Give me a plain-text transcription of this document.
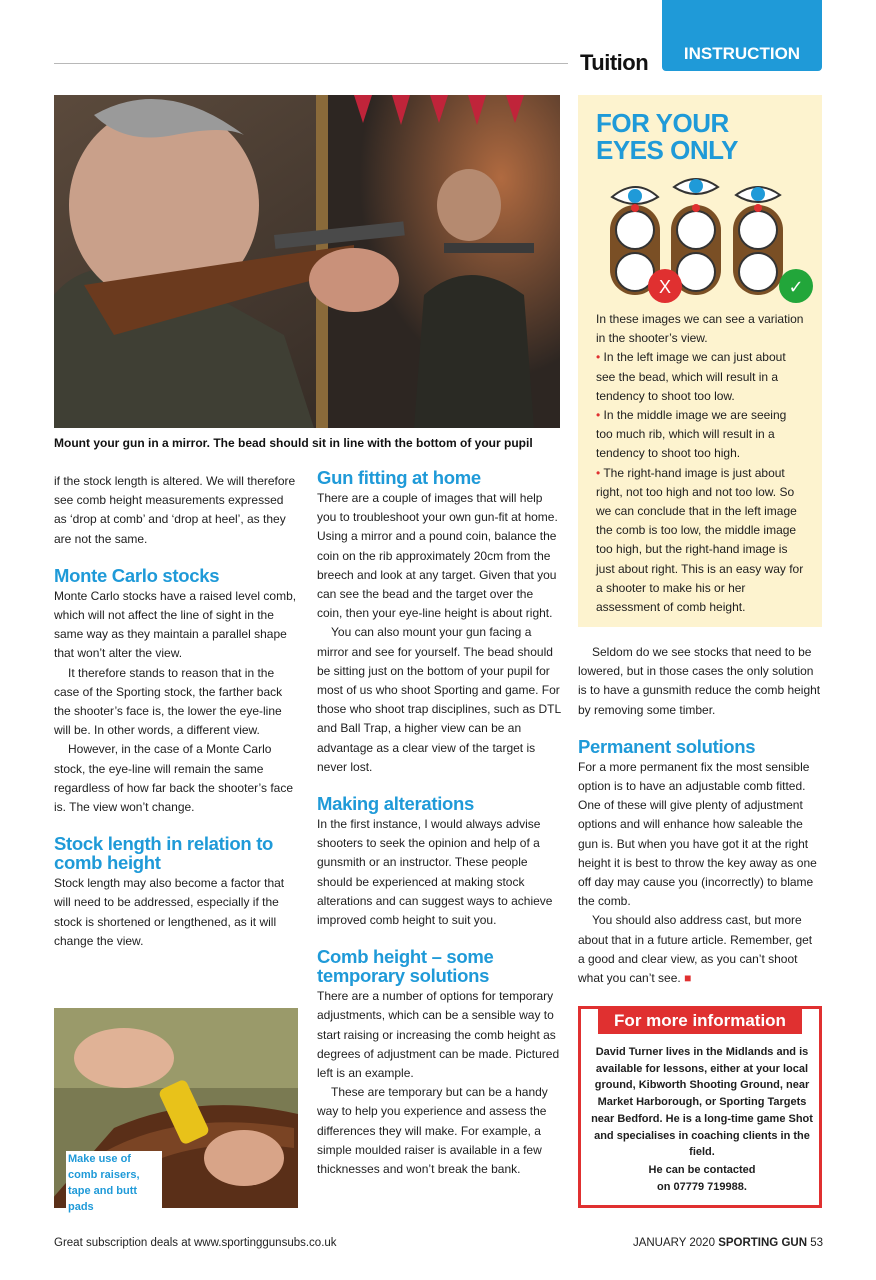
Tuition	INSTRUCTION
Mount your gun in a mirror. The bead should sit in line with the bottom of your pupil
FOR YOUR EYES ONLY
X	✓
In these images we can see a variation in the shooter’s view.
• In the left image we can just about see the bead, which will result in a tendency to shoot too low.
• In the middle image we are seeing too much rib, which will result in a tendency to shoot too high.
• The right-hand image is just about right, not too high and not too low. So we can conclude that in the left image the comb is too low, the middle image too high, but the right-hand image is just about right. This is an easy way for a shooter to make his or her assessment of comb height.

if the stock length is altered. We will therefore see comb height measurements expressed as ‘drop at comb’ and ‘drop at heel’, as they are not the same.

Monte Carlo stocks

Monte Carlo stocks have a raised level comb, which will not affect the line of sight in the same way as they maintain a parallel shape that won’t alter the view.

It therefore stands to reason that in the case of the Sporting stock, the farther back the shooter’s face is, the lower the eye-line will be. In other words, a different view.

However, in the case of a Monte Carlo stock, the eye-line will remain the same regardless of how far back the shooter’s face is. The view won’t change.

Stock length in relation to comb height

Stock length may also become a factor that will need to be addressed, especially if the stock is shortened or lengthened, as it will change the view.

Gun fitting at home

There are a couple of images that will help you to troubleshoot your own gun-fit at home. Using a mirror and a pound coin, balance the coin on the rib approximately 20cm from the breech and look at any target. Given that you can see the bead and the target over the coin, then your eye-line height is about right.

You can also mount your gun facing a mirror and see for yourself. The bead should be sitting just on the bottom of your pupil for most of us who shoot Sporting and game. For those who shoot trap disciplines, such as DTL and Ball Trap, a higher view can be an advantage as a clear view of the target is never lost.

Making alterations

In the first instance, I would always advise shooters to seek the opinion and help of a gunsmith or an instructor. These people should be experienced at making stock alterations and can suggest ways to achieve improved comb height to suit you.

Comb height – some temporary solutions

There are a number of options for temporary adjustments, which can be a sensible way to start raising or increasing the comb height as degrees of adjustment can be made. Pictured left is an example.

These are temporary but can be a handy way to help you experience and assess the differences they will make. For example, a simple moulded raiser is available in a few thicknesses and won’t break the bank.

Seldom do we see stocks that need to be lowered, but in those cases the only solution is to have a gunsmith reduce the comb height by removing some timber.

Permanent solutions

For a more permanent fix the most sensible option is to have an adjustable comb fitted. One of these will give plenty of adjustment options and will enhance how saleable the gun is. But when you have got it at the right height it is best to throw the key away as one off day may cause you (incorrectly) to blame the comb.

You should also address cast, but more about that in a future article. Remember, get a good and clear view, as you can’t shoot what you can’t see. ■

Make use of comb raisers, tape and butt pads
For more information
David Turner lives in the Midlands and is available for lessons, either at your local ground, Kibworth Shooting Ground, near Market Harborough, or Sporting Targets near Bedford. He is a long-time game Shot and specialises in coaching clients in the field.
He can be contacted
on 07779 719988.
Great subscription deals at www.sportinggunsubs.co.uk	JANUARY 2020 SPORTING GUN 53
